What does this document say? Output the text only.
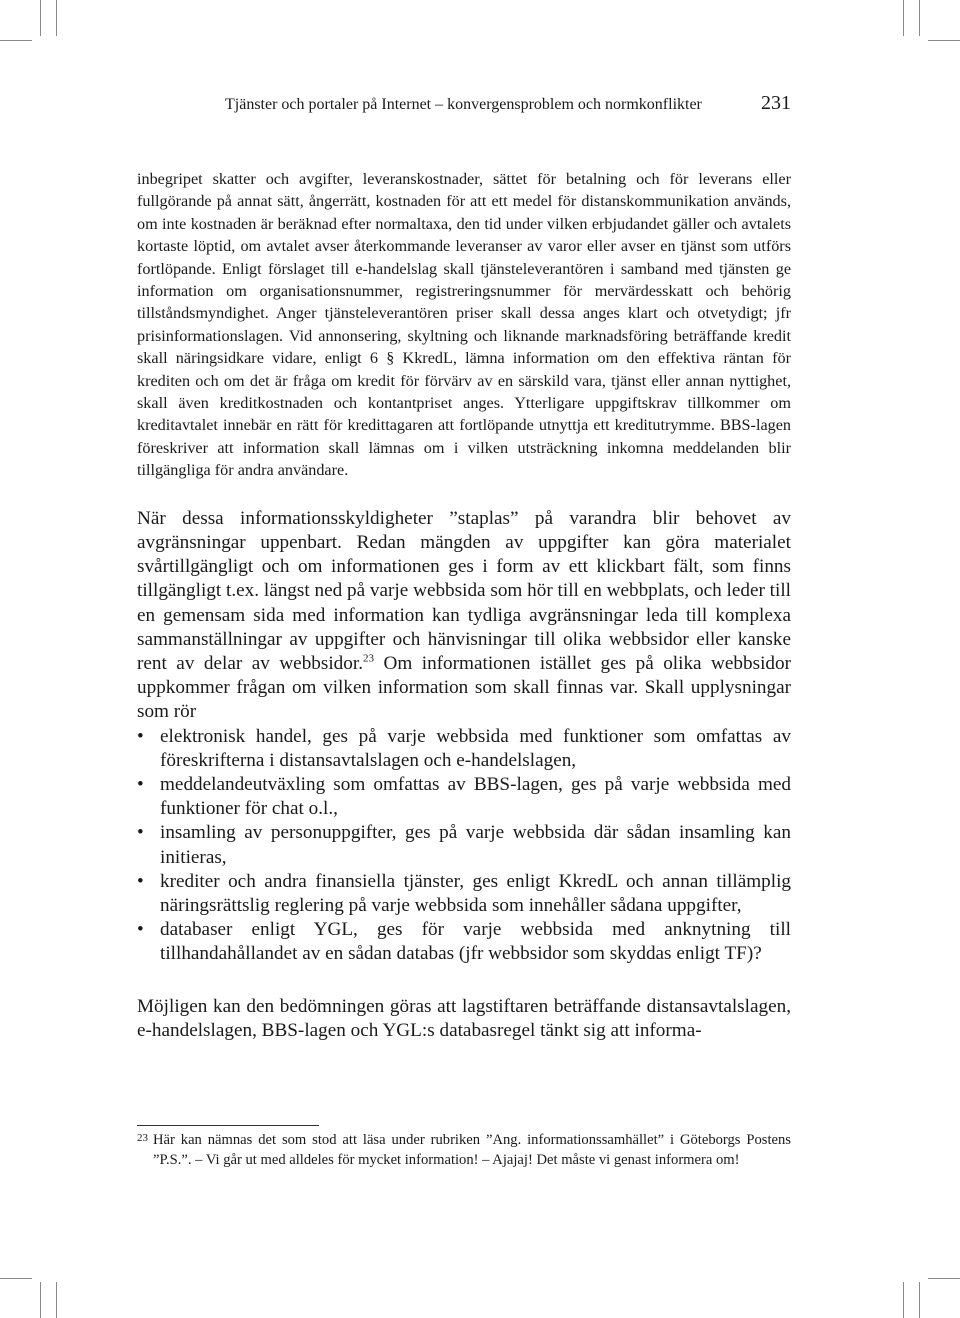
Tjänster och portaler på Internet – konvergensproblem och normkonflikter	231

inbegripet skatter och avgifter, leveranskostnader, sättet för betalning och för leverans eller fullgörande på annat sätt, ångerrätt, kostnaden för att ett medel för distanskommunikation används, om inte kostnaden är beräknad efter normaltaxa, den tid under vilken erbjudandet gäller och avtalets kortaste löptid, om avtalet avser återkommande leveranser av varor eller avser en tjänst som utförs fortlöpande. Enligt förslaget till e-handelslag skall tjänsteleverantören i samband med tjänsten ge information om organisationsnummer, registreringsnummer för mervärdesskatt och behörig tillståndsmyndighet. Anger tjänsteleverantören priser skall dessa anges klart och otvetydigt; jfr prisinformationslagen. Vid annonsering, skyltning och liknande marknadsföring beträffande kredit skall näringsidkare vidare, enligt 6 § KkredL, lämna information om den effektiva räntan för krediten och om det är fråga om kredit för förvärv av en särskild vara, tjänst eller annan nyttighet, skall även kreditkostnaden och kontantpriset anges. Ytterligare uppgiftskrav tillkommer om kreditavtalet innebär en rätt för kredittagaren att fortlöpande utnyttja ett kreditutrymme. BBS-lagen föreskriver att information skall lämnas om i vilken utsträckning inkomna meddelanden blir tillgängliga för andra användare.

När dessa informationsskyldigheter ”staplas” på varandra blir behovet av avgränsningar uppenbart. Redan mängden av uppgifter kan göra materialet svårtillgängligt och om informationen ges i form av ett klickbart fält, som finns tillgängligt t.ex. längst ned på varje webbsida som hör till en webbplats, och leder till en gemensam sida med information kan tydliga avgränsningar leda till komplexa sammanställningar av uppgifter och hänvisningar till olika webbsidor eller kanske rent av delar av webbsidor.$^{23}$ Om informationen istället ges på olika webbsidor uppkommer frågan om vilken information som skall finnas var. Skall upplysningar som rör

• elektronisk handel, ges på varje webbsida med funktioner som omfattas av föreskrifterna i distansavtalslagen och e-handelslagen,
• meddelandeutväxling som omfattas av BBS-lagen, ges på varje webbsida med funktioner för chat o.l.,
• insamling av personuppgifter, ges på varje webbsida där sådan insamling kan initieras,
• krediter och andra finansiella tjänster, ges enligt KkredL och annan tillämplig näringsrättslig reglering på varje webbsida som innehåller sådana uppgifter,
• databaser enligt YGL, ges för varje webbsida med anknytning till tillhandahållandet av en sådan databas (jfr webbsidor som skyddas enligt TF)?

Möjligen kan den bedömningen göras att lagstiftaren beträffande distansavtalslagen, e-handelslagen, BBS-lagen och YGL:s databasregel tänkt sig att informa-

23 Här kan nämnas det som stod att läsa under rubriken ”Ang. informationssamhället” i Göteborgs Postens ”P.S.”. – Vi går ut med alldeles för mycket information! – Ajajaj! Det måste vi genast informera om!
